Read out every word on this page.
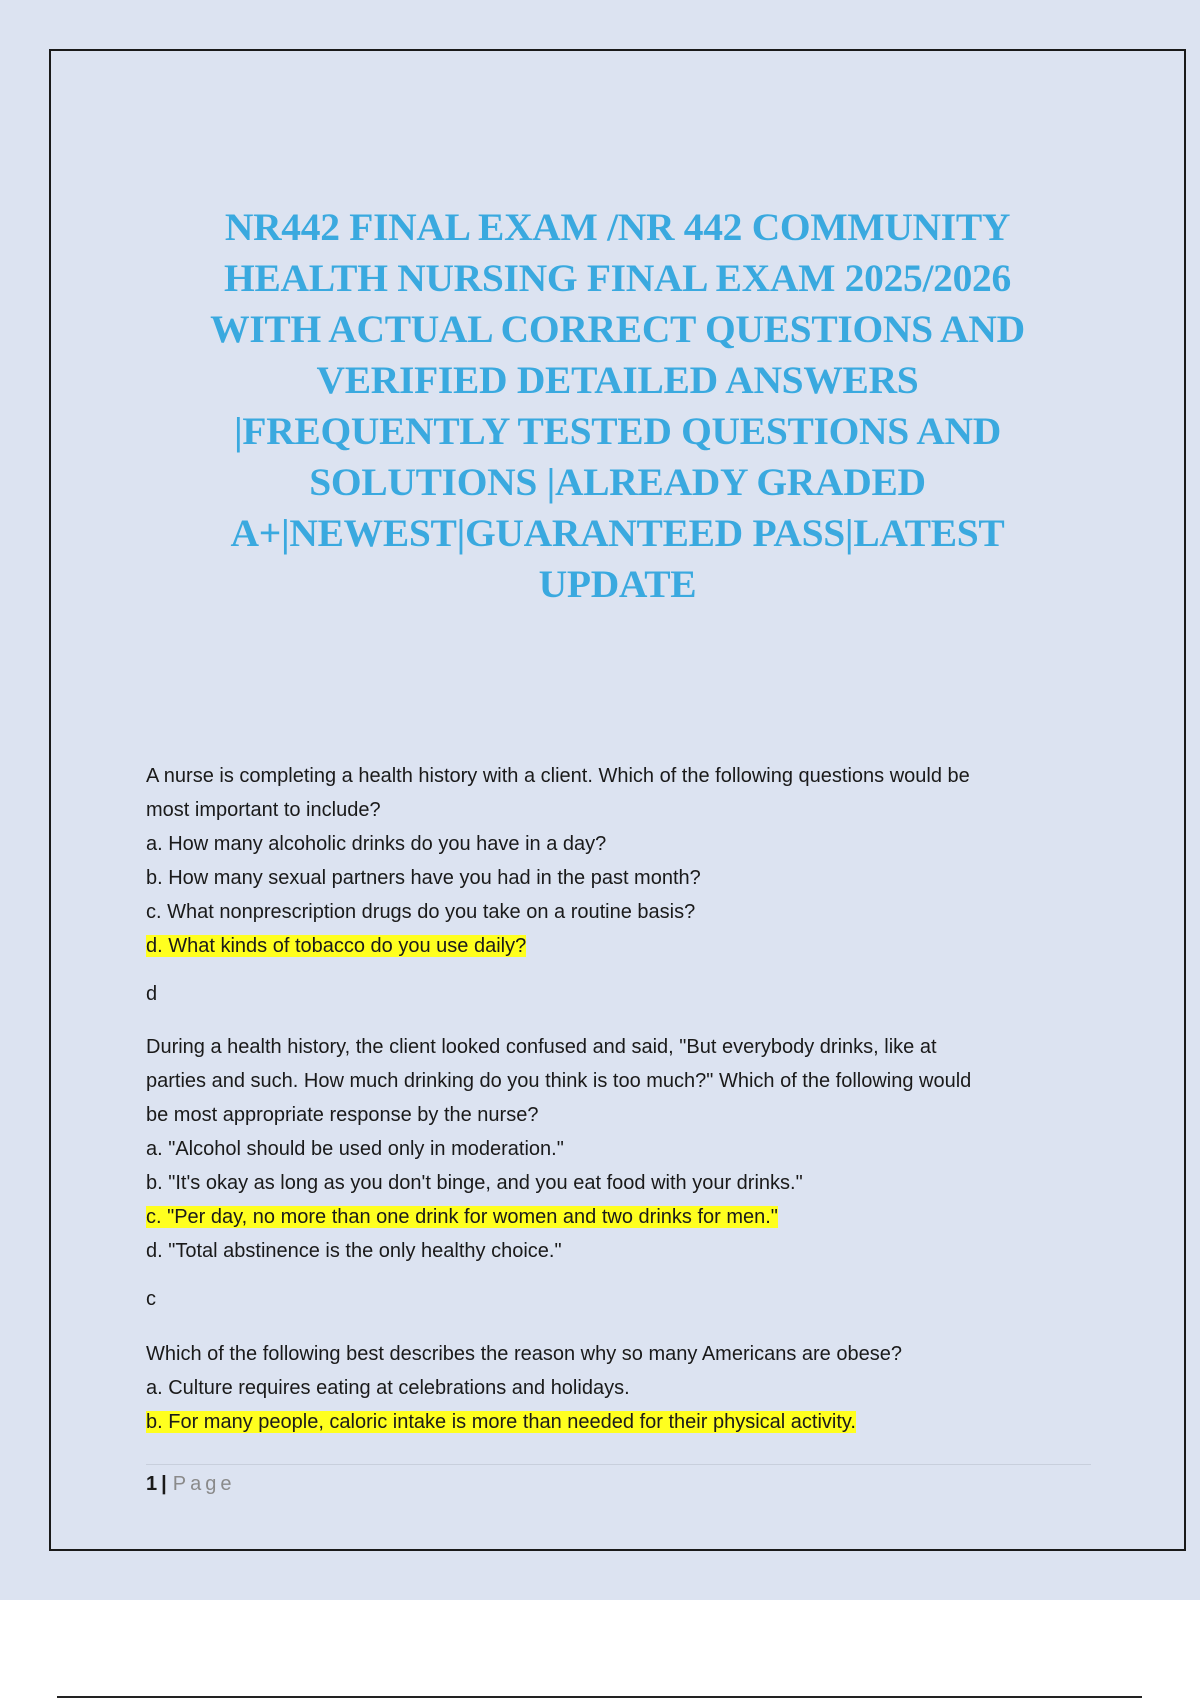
NR442 FINAL EXAM /NR 442 COMMUNITY
HEALTH NURSING FINAL EXAM 2025/2026
WITH ACTUAL CORRECT QUESTIONS AND
VERIFIED DETAILED ANSWERS
|FREQUENTLY TESTED QUESTIONS AND
SOLUTIONS |ALREADY GRADED
A+|NEWEST|GUARANTEED PASS|LATEST
UPDATE

A nurse is completing a health history with a client. Which of the following questions would be

most important to include?

a. How many alcoholic drinks do you have in a day?

b. How many sexual partners have you had in the past month?

c. What nonprescription drugs do you take on a routine basis?

d. What kinds of tobacco do you use daily?

d

During a health history, the client looked confused and said, "But everybody drinks, like at

parties and such. How much drinking do you think is too much?" Which of the following would

be most appropriate response by the nurse?

a. "Alcohol should be used only in moderation."

b. "It's okay as long as you don't binge, and you eat food with your drinks."

c. "Per day, no more than one drink for women and two drinks for men."

d. "Total abstinence is the only healthy choice."

c

Which of the following best describes the reason why so many Americans are obese?

a. Culture requires eating at celebrations and holidays.

b. For many people, caloric intake is more than needed for their physical activity.

1 | Page
